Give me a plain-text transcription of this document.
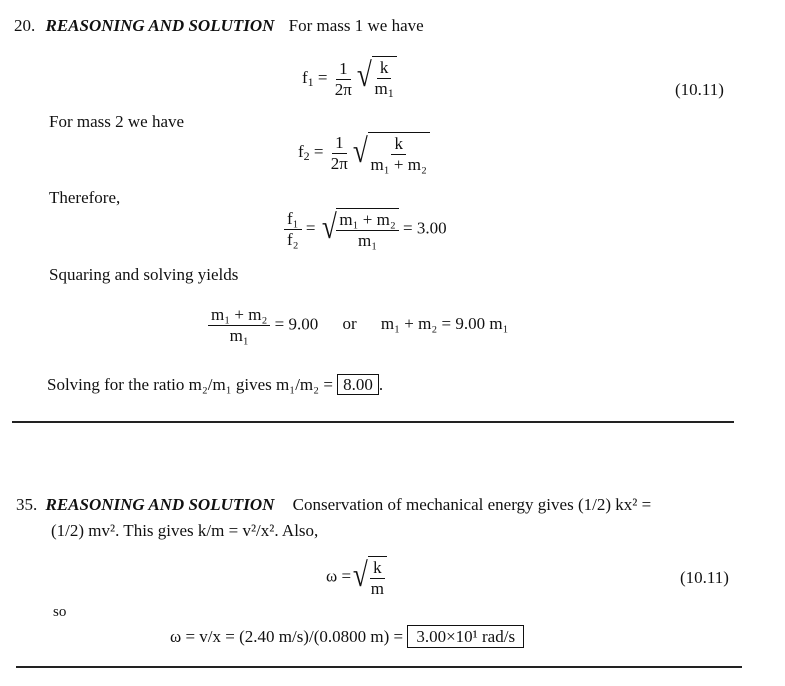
20. REASONING AND SOLUTION For mass 1 we have
$f_1 = \frac{1}{2\pi}$ √ $\frac{k}{m_1}$	(10.11)
For mass 2 we have
$f_2 = \frac{1}{2\pi}$ √ $\frac{k}{\text{m₁ + m₂}}$
Therefore,
$\frac{\text{f₁}}{\text{f₂}}$ = √ $\frac{\text{m₁ + m₂}}{\text{m₁}} = 3.00$
Squaring and solving yields
$\frac{\text{m₁ + m₂}}{\text{m₁}} = 9.00$ or m₁ + m₂ = 9.00 m₁
Solving for the ratio m₂/m₁ gives m₁/m₂ = 8.00 .
35. REASONING AND SOLUTION Conservation of mechanical energy gives (1/2) kx² =
(1/2) mv². This gives k/m = v²/x². Also,
ω = √ $\frac{k}{m}$	(10.11)
so
ω = v/x = (2.40 m/s)/(0.0800 m) = 3.00×10¹ rad/s
